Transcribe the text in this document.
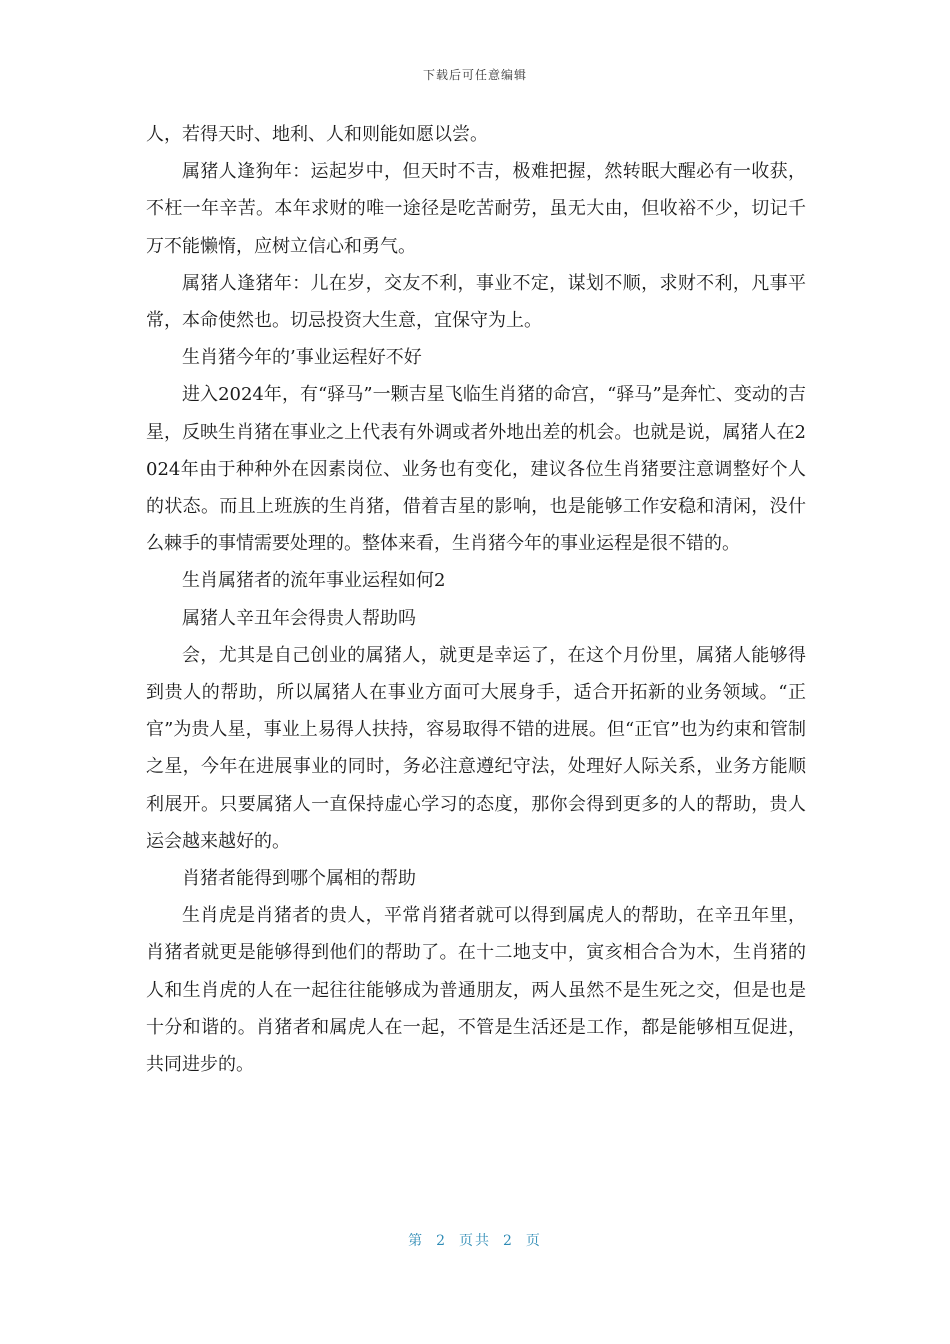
下载后可任意编辑

人，若得天时、地利、人和则能如愿以尝。

属猪人逢狗年：运起岁中，但天时不吉，极难把握，然转眠大醒必有一收获，不枉一年辛苦。本年求财的唯一途径是吃苦耐劳，虽无大由，但收裕不少，切记千万不能懒惰，应树立信心和勇气。

属猪人逢猪年：儿在岁，交友不利，事业不定，谋划不顺，求财不利，凡事平常，本命使然也。切忌投资大生意，宜保守为上。

生肖猪今年的’事业运程好不好

进入2024年，有“驿马”一颗吉星飞临生肖猪的命宫，“驿马”是奔忙、变动的吉星，反映生肖猪在事业之上代表有外调或者外地出差的机会。也就是说，属猪人在2024年由于种种外在因素岗位、业务也有变化，建议各位生肖猪要注意调整好个人的状态。而且上班族的生肖猪，借着吉星的影响，也是能够工作安稳和清闲，没什么棘手的事情需要处理的。整体来看，生肖猪今年的事业运程是很不错的。

生肖属猪者的流年事业运程如何2

属猪人辛丑年会得贵人帮助吗

会，尤其是自己创业的属猪人，就更是幸运了，在这个月份里，属猪人能够得到贵人的帮助，所以属猪人在事业方面可大展身手，适合开拓新的业务领域。“正官”为贵人星，事业上易得人扶持，容易取得不错的进展。但“正官”也为约束和管制之星，今年在进展事业的同时，务必注意遵纪守法，处理好人际关系，业务方能顺利展开。只要属猪人一直保持虚心学习的态度，那你会得到更多的人的帮助，贵人运会越来越好的。

肖猪者能得到哪个属相的帮助

生肖虎是肖猪者的贵人，平常肖猪者就可以得到属虎人的帮助，在辛丑年里，肖猪者就更是能够得到他们的帮助了。在十二地支中，寅亥相合合为木，生肖猪的人和生肖虎的人在一起往往能够成为普通朋友，两人虽然不是生死之交，但是也是十分和谐的。肖猪者和属虎人在一起，不管是生活还是工作，都是能够相互促进，共同进步的。

第 2 页共 2 页
